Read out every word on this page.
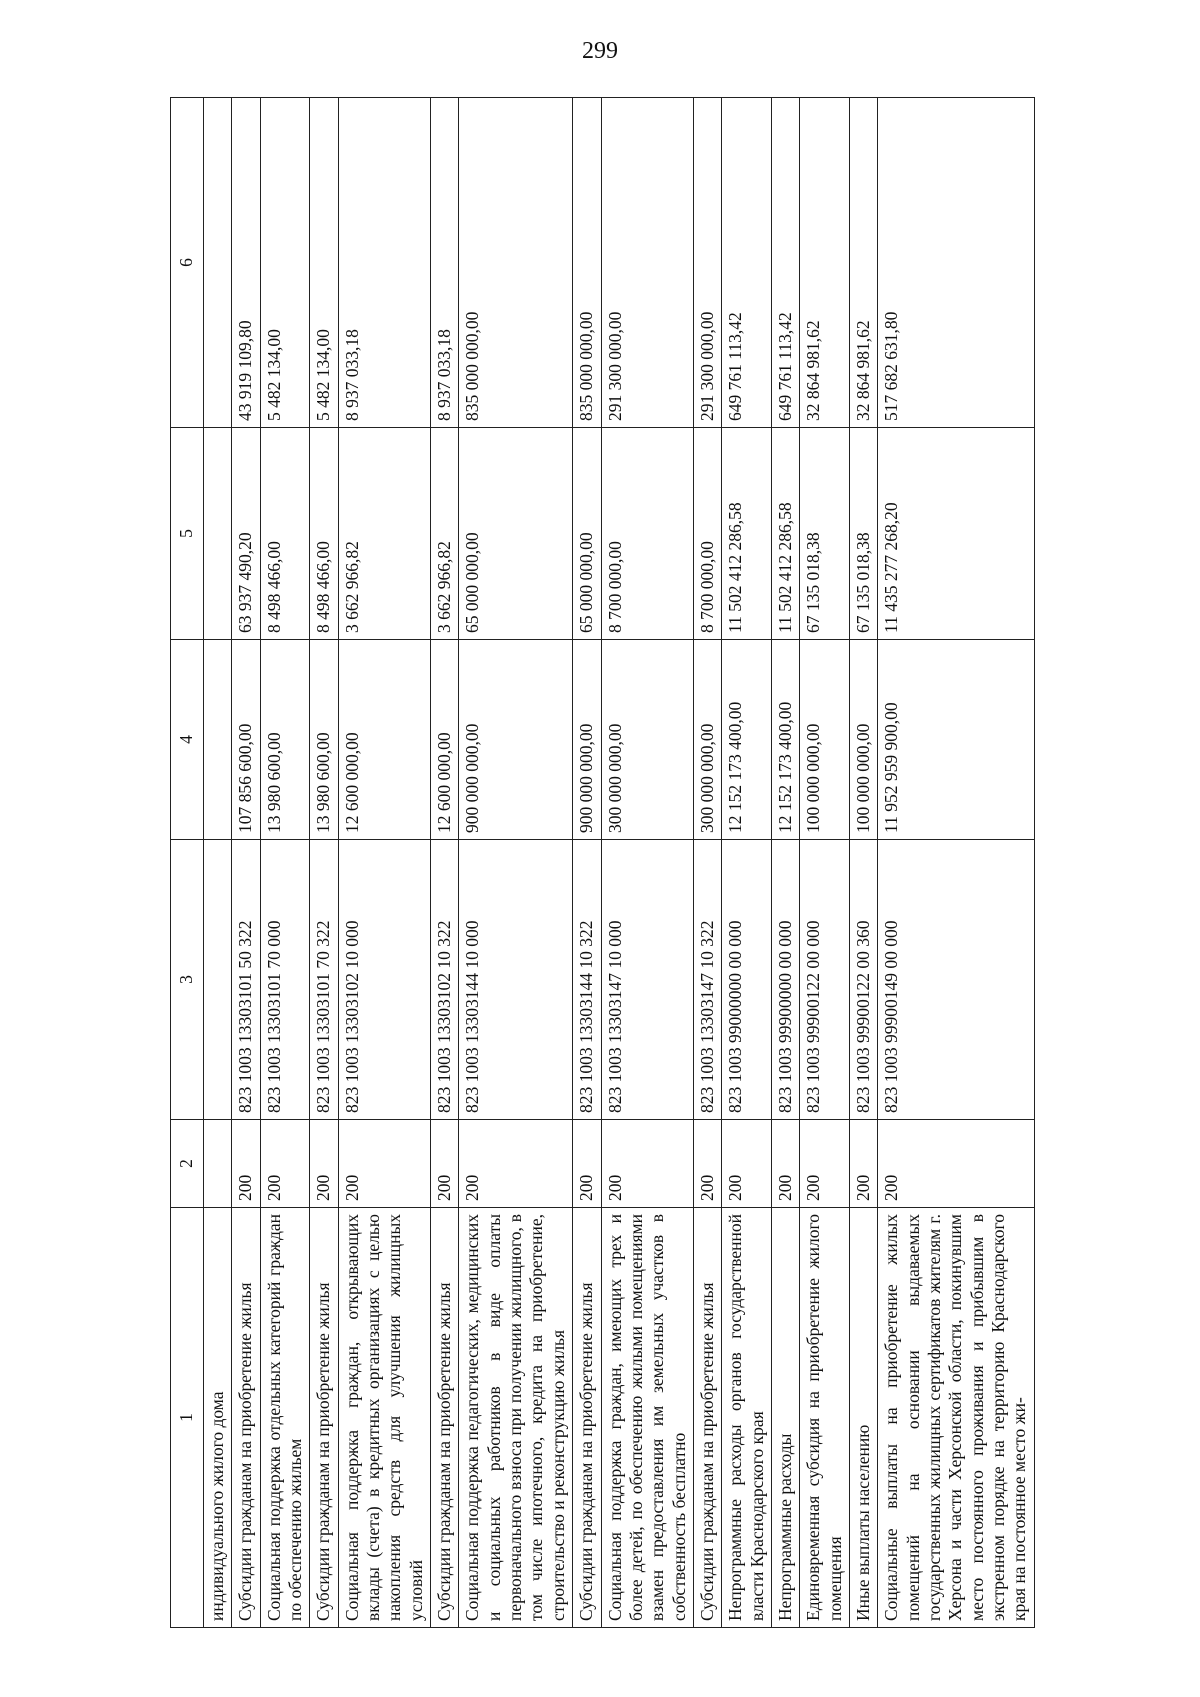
299
1	2	3	4	5	6
индивидуального жилого дома					
Субсидии гражданам на приобретение жилья	200	823 1003 13303101 50 322	107 856 600,00	63 937 490,20	43 919 109,80
Социальная поддержка отдельных категорий граждан по обеспечению жильем	200	823 1003 13303101 70 000	13 980 600,00	8 498 466,00	5 482 134,00
Субсидии гражданам на приобретение жилья	200	823 1003 13303101 70 322	13 980 600,00	8 498 466,00	5 482 134,00
Социальная поддержка граждан, открывающих вклады (счета) в кредитных организациях с целью накопления средств для улучшения жилищных условий	200	823 1003 13303102 10 000	12 600 000,00	3 662 966,82	8 937 033,18
Субсидии гражданам на приобретение жилья	200	823 1003 13303102 10 322	12 600 000,00	3 662 966,82	8 937 033,18
Социальная поддержка педагогических, медицинских и социальных работников в виде оплаты первоначального взноса при получении жилищного, в том числе ипотечного, кредита на приобретение, строительство и реконструкцию жилья	200	823 1003 13303144 10 000	900 000 000,00	65 000 000,00	835 000 000,00
Субсидии гражданам на приобретение жилья	200	823 1003 13303144 10 322	900 000 000,00	65 000 000,00	835 000 000,00
Социальная поддержка граждан, имеющих трех и более детей, по обеспечению жилыми помещениями взамен предоставления им земельных участков в собственность бесплатно	200	823 1003 13303147 10 000	300 000 000,00	8 700 000,00	291 300 000,00
Субсидии гражданам на приобретение жилья	200	823 1003 13303147 10 322	300 000 000,00	8 700 000,00	291 300 000,00
Непрограммные расходы органов государственной власти Краснодарского края	200	823 1003 99000000 00 000	12 152 173 400,00	11 502 412 286,58	649 761 113,42
Непрограммные расходы	200	823 1003 99900000 00 000	12 152 173 400,00	11 502 412 286,58	649 761 113,42
Единовременная субсидия на приобретение жилого помещения	200	823 1003 99900122 00 000	100 000 000,00	67 135 018,38	32 864 981,62
Иные выплаты населению	200	823 1003 99900122 00 360	100 000 000,00	67 135 018,38	32 864 981,62
Социальные выплаты на приобретение жилых помещений на основании выдаваемых государственных жилищных сертификатов жителям г. Херсона и части Херсонской области, покинувшим место постоянного проживания и прибывшим в экстренном порядке на территорию Краснодарского края на постоянное место жи-	200	823 1003 99900149 00 000	11 952 959 900,00	11 435 277 268,20	517 682 631,80
